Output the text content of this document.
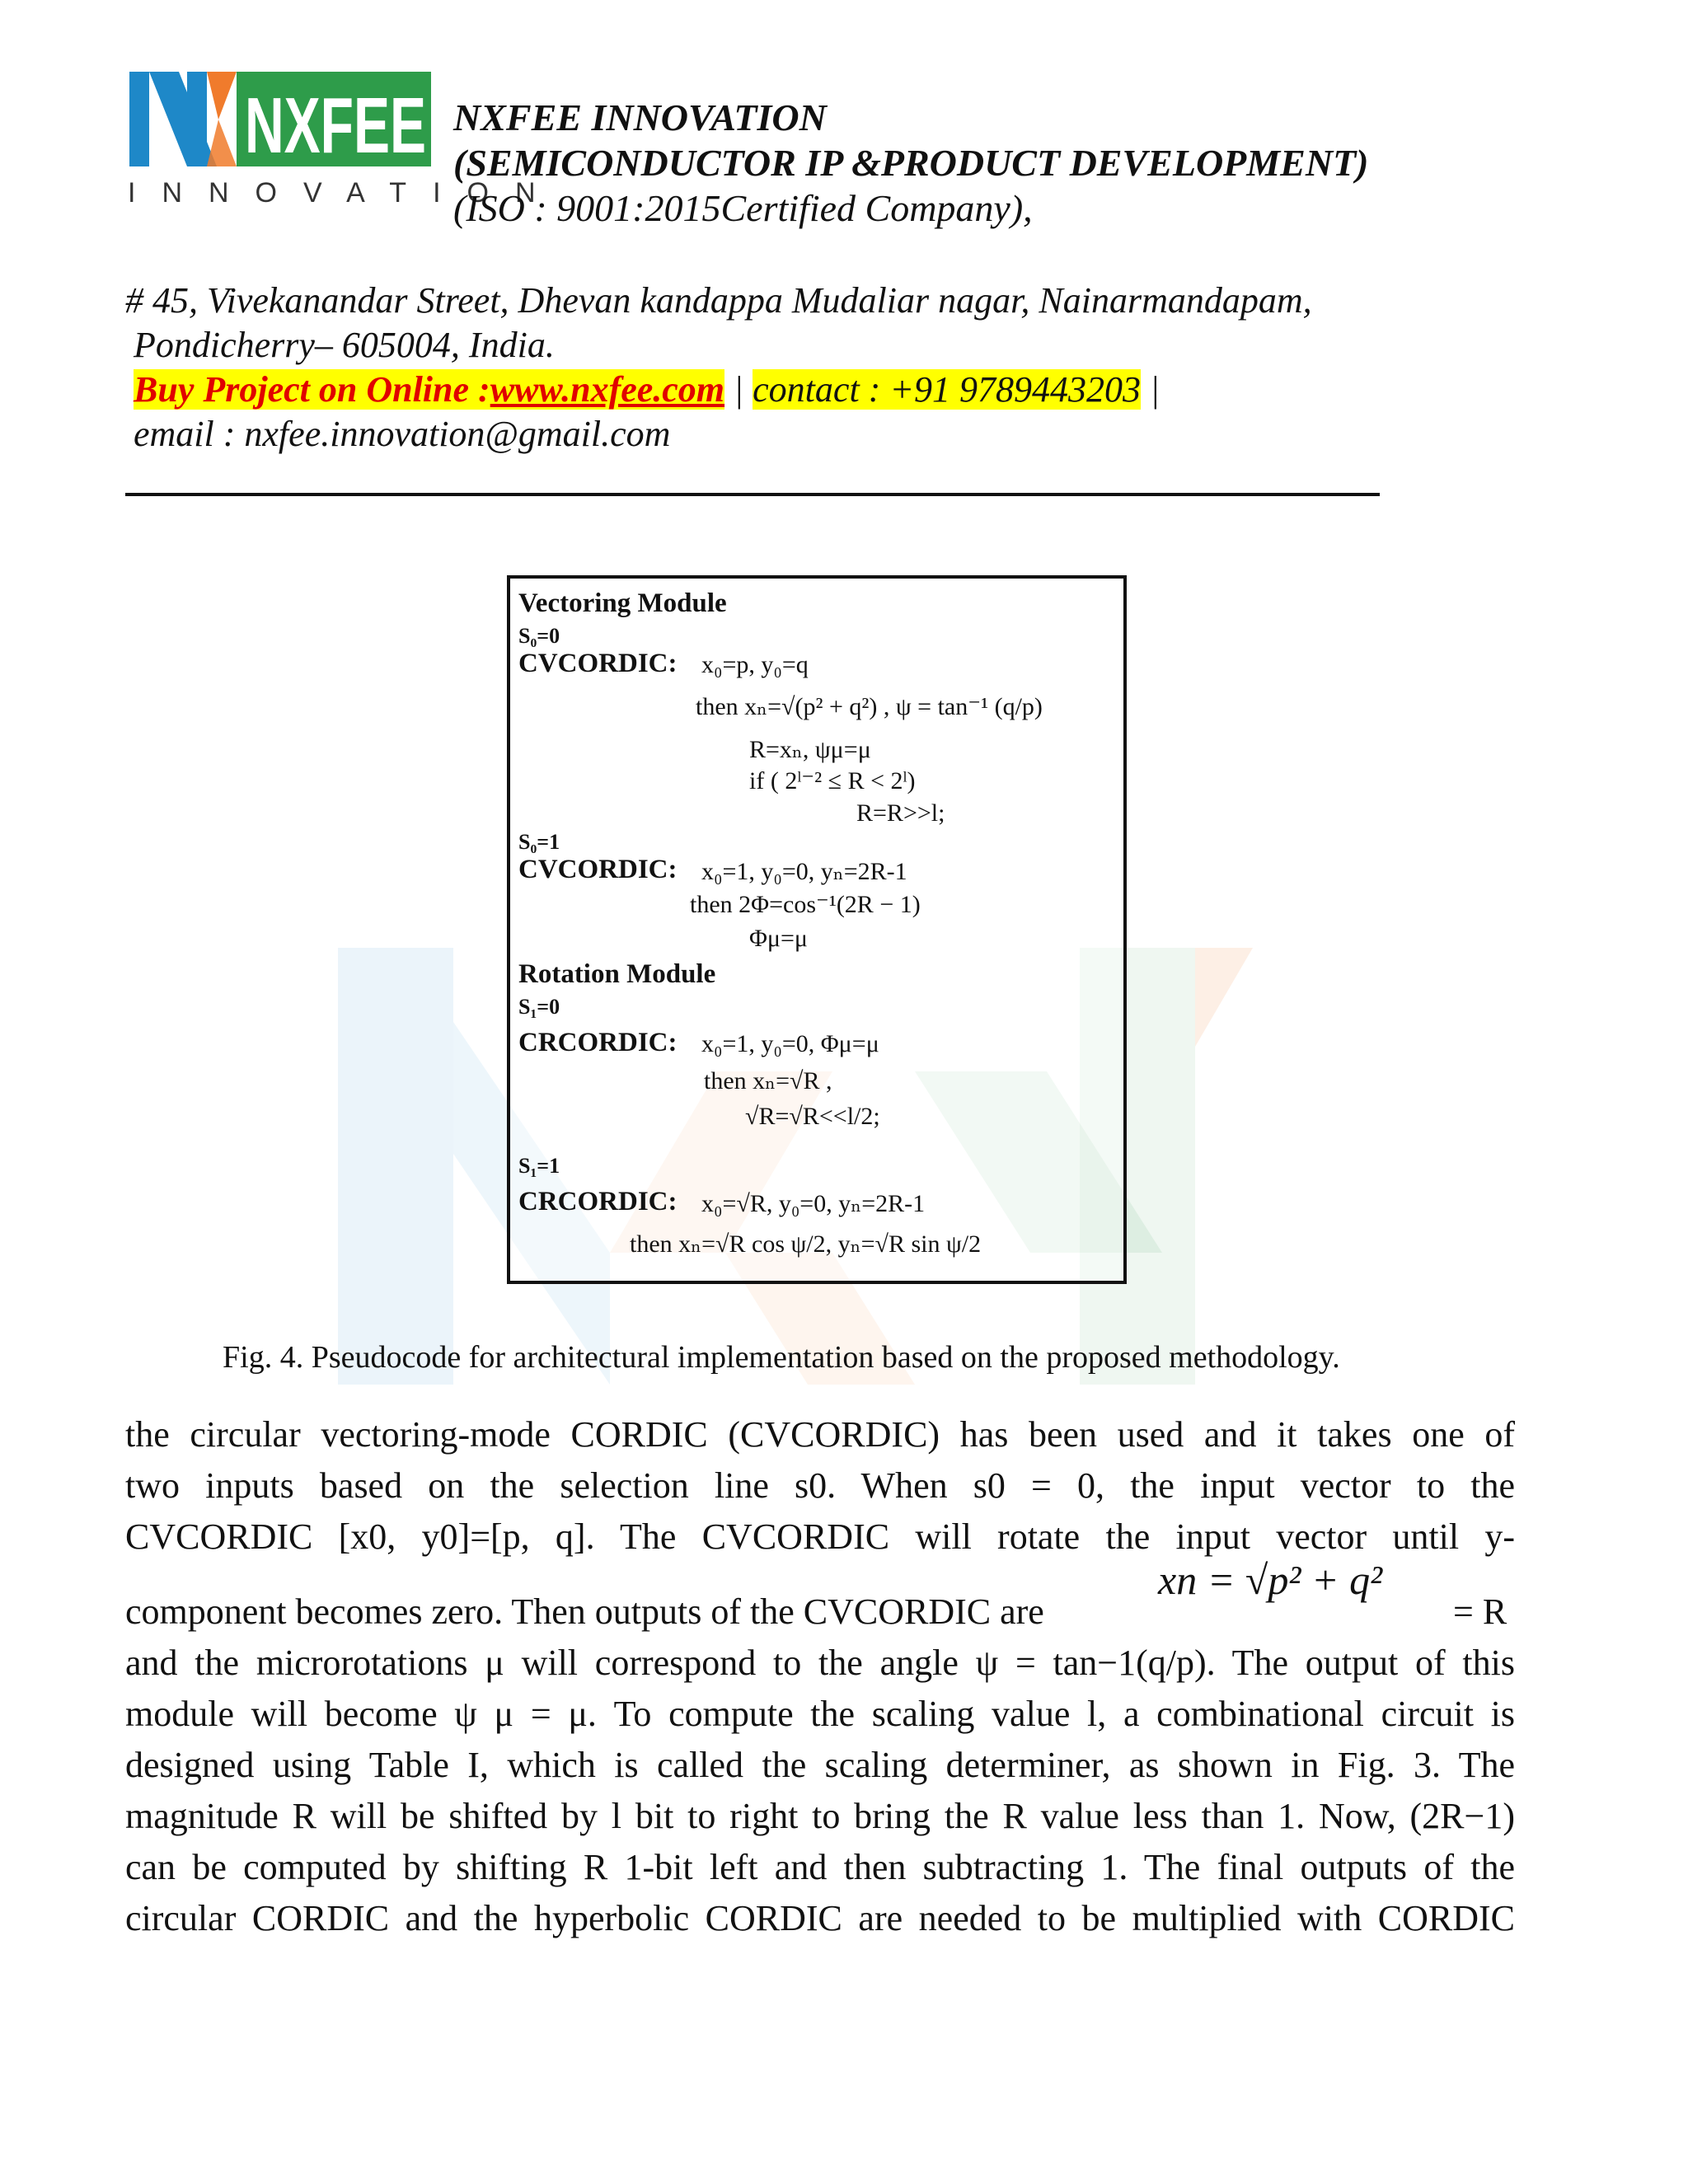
NXFEE
INNOVATION
NXFEE INNOVATION
(SEMICONDUCTOR IP &PRODUCT DEVELOPMENT)
(ISO : 9001:2015Certified Company),
# 45, Vivekanandar Street, Dhevan kandappa Mudaliar nagar, Nainarmandapam,
Pondicherry– 605004, India.
Buy Project on Online :www.nxfee.com | contact : +91 9789443203 |
email : nxfee.innovation@gmail.com
Vectoring Module
S₀=0
CVCORDIC: x₀=p, y₀=q
then xₙ=√(p² + q²) , ψ = tan⁻¹ (q/p)
R=xₙ, ψμ=μ
if ( 2ˡ⁻² ≤ R < 2ˡ)
R=R>>l;
S₀=1
CVCORDIC: x₀=1, y₀=0, yₙ=2R-1
then 2Φ=cos⁻¹(2R − 1)
Φμ=μ
Rotation Module
S₁=0
CRCORDIC: x₀=1, y₀=0, Φμ=μ
then xₙ=√R ,
√R=√R<<l/2;
S₁=1
CRCORDIC: x₀=√R, y₀=0, yₙ=2R-1
then xₙ=√R cos ψ/2, yₙ=√R sin ψ/2
Fig. 4. Pseudocode for architectural implementation based on the proposed methodology.
the circular vectoring-mode CORDIC (CVCORDIC) has been used and it takes one of
two inputs based on the selection line s0. When s0 = 0, the input vector to the
CVCORDIC [x0, y0]=[p, q]. The CVCORDIC will rotate the input vector until y-
component becomes zero. Then outputs of the CVCORDIC are
xn = √p² + q²
= R
and the microrotations μ will correspond to the angle ψ = tan−1(q/p). The output of this
module will become ψ μ = μ. To compute the scaling value l, a combinational circuit is
designed using Table I, which is called the scaling determiner, as shown in Fig. 3. The
magnitude R will be shifted by l bit to right to bring the R value less than 1. Now, (2R−1)
can be computed by shifting R 1-bit left and then subtracting 1. The final outputs of the
circular CORDIC and the hyperbolic CORDIC are needed to be multiplied with CORDIC
